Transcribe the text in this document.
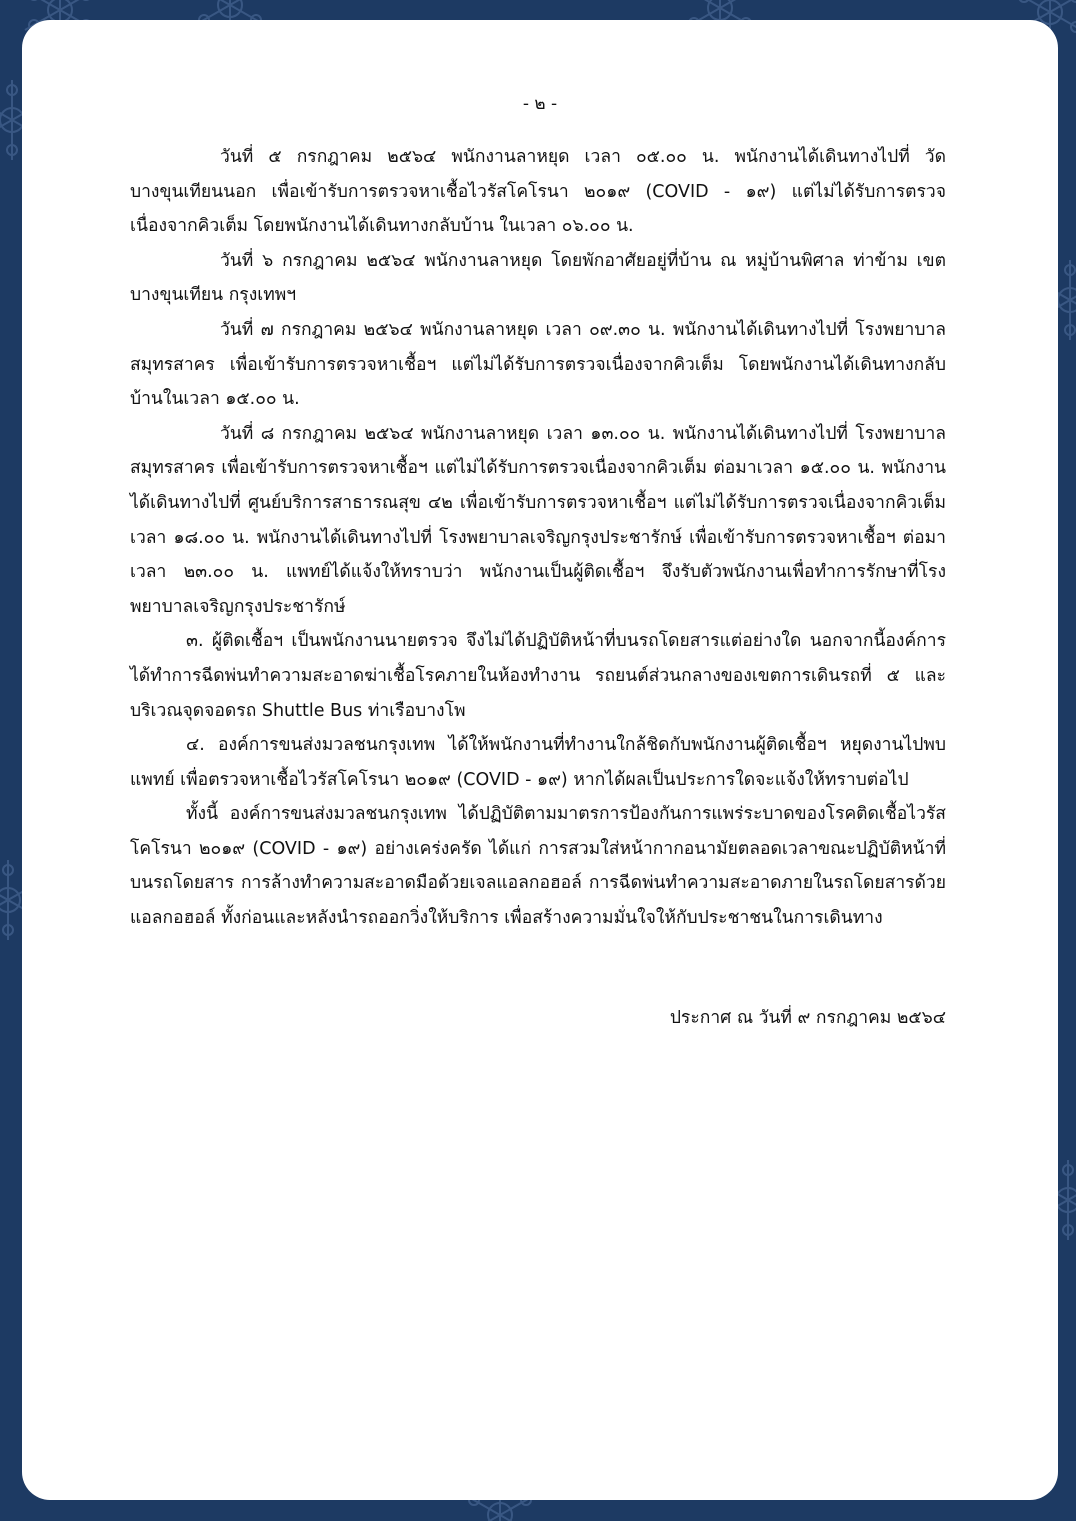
- ๒ -

วันที่ ๕ กรกฎาคม ๒๕๖๔ พนักงานลาหยุด เวลา ๐๕.๐๐ น. พนักงานได้เดินทางไปที่ วัดบางขุนเทียนนอก เพื่อเข้ารับการตรวจหาเชื้อไวรัสโคโรนา ๒๐๑๙ (COVID - ๑๙) แต่ไม่ได้รับการตรวจ เนื่องจากคิวเต็ม โดยพนักงานได้เดินทางกลับบ้าน ในเวลา ๐๖.๐๐ น.

วันที่ ๖ กรกฎาคม ๒๕๖๔ พนักงานลาหยุด โดยพักอาศัยอยู่ที่บ้าน ณ หมู่บ้านพิศาล ท่าข้าม เขตบางขุนเทียน กรุงเทพฯ

วันที่ ๗ กรกฎาคม ๒๕๖๔ พนักงานลาหยุด เวลา ๐๙.๓๐ น. พนักงานได้เดินทางไปที่ โรงพยาบาลสมุทรสาคร เพื่อเข้ารับการตรวจหาเชื้อฯ แต่ไม่ได้รับการตรวจเนื่องจากคิวเต็ม โดยพนักงานได้เดินทางกลับบ้านในเวลา ๑๕.๐๐ น.

วันที่ ๘ กรกฎาคม ๒๕๖๔ พนักงานลาหยุด เวลา ๑๓.๐๐ น. พนักงานได้เดินทางไปที่ โรงพยาบาลสมุทรสาคร เพื่อเข้ารับการตรวจหาเชื้อฯ แต่ไม่ได้รับการตรวจเนื่องจากคิวเต็ม ต่อมาเวลา ๑๕.๐๐ น. พนักงานได้เดินทางไปที่ ศูนย์บริการสาธารณสุข ๔๒ เพื่อเข้ารับการตรวจหาเชื้อฯ แต่ไม่ได้รับการตรวจเนื่องจากคิวเต็ม เวลา ๑๘.๐๐ น. พนักงานได้เดินทางไปที่ โรงพยาบาลเจริญกรุงประชารักษ์ เพื่อเข้ารับการตรวจหาเชื้อฯ ต่อมาเวลา ๒๓.๐๐ น. แพทย์ได้แจ้งให้ทราบว่า พนักงานเป็นผู้ติดเชื้อฯ จึงรับตัวพนักงานเพื่อทำการรักษาที่โรงพยาบาลเจริญกรุงประชารักษ์

๓. ผู้ติดเชื้อฯ เป็นพนักงานนายตรวจ จึงไม่ได้ปฏิบัติหน้าที่บนรถโดยสารแต่อย่างใด นอกจากนี้องค์การได้ทำการฉีดพ่นทำความสะอาดฆ่าเชื้อโรคภายในห้องทำงาน รถยนต์ส่วนกลางของเขตการเดินรถที่ ๕ และบริเวณจุดจอดรถ Shuttle Bus ท่าเรือบางโพ

๔. องค์การขนส่งมวลชนกรุงเทพ ได้ให้พนักงานที่ทำงานใกล้ชิดกับพนักงานผู้ติดเชื้อฯ หยุดงานไปพบแพทย์ เพื่อตรวจหาเชื้อไวรัสโคโรนา ๒๐๑๙ (COVID - ๑๙) หากได้ผลเป็นประการใดจะแจ้งให้ทราบต่อไป

ทั้งนี้ องค์การขนส่งมวลชนกรุงเทพ ได้ปฏิบัติตามมาตรการป้องกันการแพร่ระบาดของโรคติดเชื้อไวรัสโคโรนา ๒๐๑๙ (COVID - ๑๙) อย่างเคร่งครัด ได้แก่ การสวมใส่หน้ากากอนามัยตลอดเวลาขณะปฏิบัติหน้าที่บนรถโดยสาร การล้างทำความสะอาดมือด้วยเจลแอลกอฮอล์ การฉีดพ่นทำความสะอาดภายในรถโดยสารด้วยแอลกอฮอล์ ทั้งก่อนและหลังนำรถออกวิ่งให้บริการ เพื่อสร้างความมั่นใจให้กับประชาชนในการเดินทาง

ประกาศ ณ วันที่ ๙ กรกฎาคม ๒๕๖๔
